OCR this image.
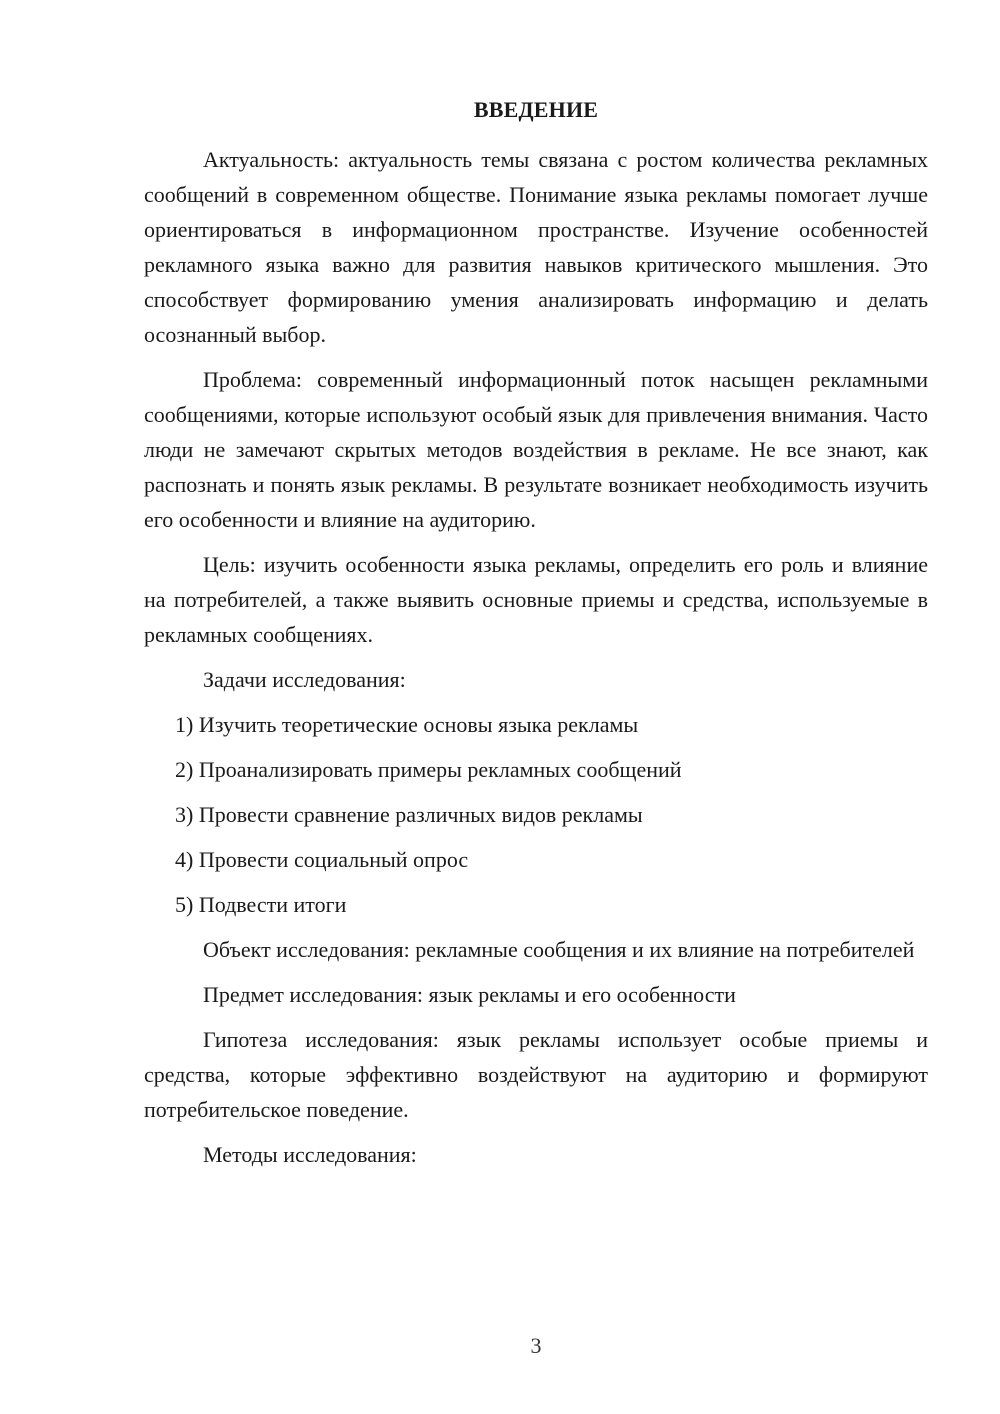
ВВЕДЕНИЕ

Актуальность: актуальность темы связана с ростом количества рекламных сообщений в современном обществе. Понимание языка рекламы помогает лучше ориентироваться в информационном пространстве. Изучение особенностей рекламного языка важно для развития навыков критического мышления. Это способствует формированию умения анализировать информацию и делать осознанный выбор.

Проблема: современный информационный поток насыщен рекламными сообщениями, которые используют особый язык для привлечения внимания. Часто люди не замечают скрытых методов воздействия в рекламе. Не все знают, как распознать и понять язык рекламы. В результате возникает необходимость изучить его особенности и влияние на аудиторию.

Цель: изучить особенности языка рекламы, определить его роль и влияние на потребителей, а также выявить основные приемы и средства, используемые в рекламных сообщениях.

Задачи исследования:

1) Изучить теоретические основы языка рекламы
2) Проанализировать примеры рекламных сообщений
3) Провести сравнение различных видов рекламы
4) Провести социальный опрос
5) Подвести итоги

Объект исследования: рекламные сообщения и их влияние на потребителей

Предмет исследования: язык рекламы и его особенности

Гипотеза исследования: язык рекламы использует особые приемы и средства, которые эффективно воздействуют на аудиторию и формируют потребительское поведение.

Методы исследования:

3
